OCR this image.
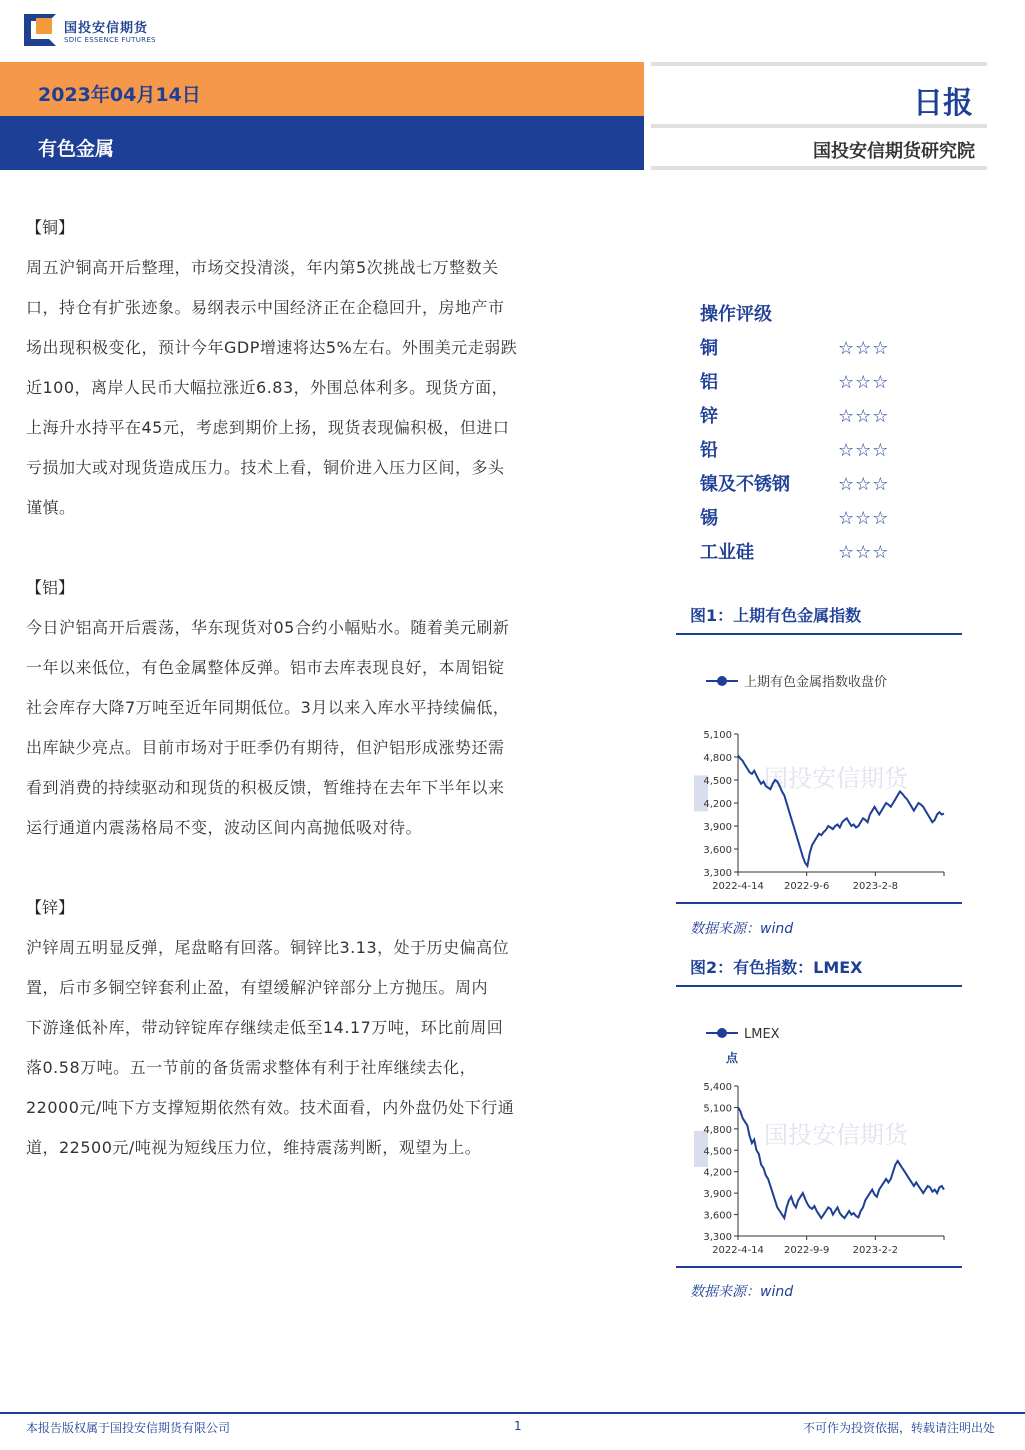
国投安信期货
SDIC ESSENCE FUTURES
2023年04月14日
有色金属
日报
国投安信期货研究院
【铜】
周五沪铜高开后整理，市场交投清淡，年内第5次挑战七万整数关
口，持仓有扩张迹象。易纲表示中国经济正在企稳回升，房地产市
场出现积极变化，预计今年GDP增速将达5%左右。外围美元走弱跌
近100，离岸人民币大幅拉涨近6.83，外围总体利多。现货方面，
上海升水持平在45元，考虑到期价上扬，现货表现偏积极，但进口
亏损加大或对现货造成压力。技术上看，铜价进入压力区间，多头
谨慎。
【铝】
今日沪铝高开后震荡，华东现货对05合约小幅贴水。随着美元刷新
一年以来低位，有色金属整体反弹。铝市去库表现良好，本周铝锭
社会库存大降7万吨至近年同期低位。3月以来入库水平持续偏低，
出库缺少亮点。目前市场对于旺季仍有期待，但沪铝形成涨势还需
看到消费的持续驱动和现货的积极反馈，暂维持在去年下半年以来
运行通道内震荡格局不变，波动区间内高抛低吸对待。
【锌】
沪锌周五明显反弹，尾盘略有回落。铜锌比3.13，处于历史偏高位
置，后市多铜空锌套利止盈，有望缓解沪锌部分上方抛压。周内
下游逢低补库，带动锌锭库存继续走低至14.17万吨，环比前周回
落0.58万吨。五一节前的备货需求整体有利于社库继续去化，
22000元/吨下方支撑短期依然有效。技术面看，内外盘仍处下行通
道，22500元/吨视为短线压力位，维持震荡判断，观望为上。
操作评级
铜	☆☆☆
铝	☆☆☆
锌	☆☆☆
铅	☆☆☆
镍及不锈钢	☆☆☆
锡	☆☆☆
工业硅	☆☆☆
图1：上期有色金属指数
上期有色金属指数收盘价
国投安信期货
3,300
3,600
3,900
4,200
4,500
4,800
5,100
2022-4-14 2022-9-6 2023-2-8
数据来源：wind
图2：有色指数：LMEX
LMEX
点
国投安信期货
3,300
3,600
3,900
4,200
4,500
4,800
5,100
5,400
2022-4-14 2022-9-9 2023-2-2
数据来源：wind
本报告版权属于国投安信期货有限公司	1	不可作为投资依据，转载请注明出处
